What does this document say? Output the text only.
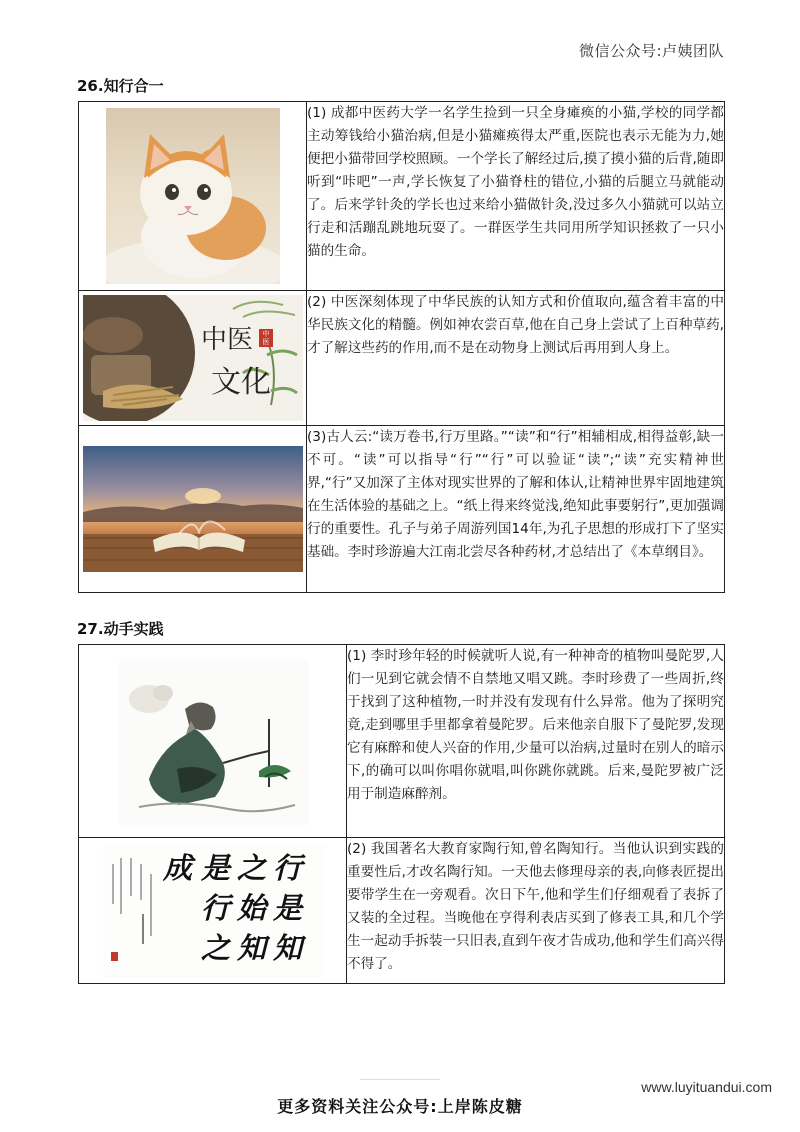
微信公众号:卢姨团队
26.知行合一
	(1) 成都中医药大学一名学生捡到一只全身瘫痪的小猫,学校的同学都主动筹钱给小猫治病,但是小猫瘫痪得太严重,医院也表示无能为力,她便把小猫带回学校照顾。一个学长了解经过后,摸了摸小猫的后背,随即听到“咔吧”一声,学长恢复了小猫脊柱的错位,小猫的后腿立马就能动了。后来学针灸的学长也过来给小猫做针灸,没过多久小猫就可以站立行走和活蹦乱跳地玩耍了。一群医学生共同用所学知识拯救了一只小猫的生命。

中医
文化
中医	(2) 中医深刻体现了中华民族的认知方式和价值取向,蕴含着丰富的中华民族文化的精髓。例如神农尝百草,他在自己身上尝试了上百种草药,才了解这些药的作用,而不是在动物身上测试后再用到人身上。

	(3)古人云:“读万卷书,行万里路。”“读”和“行”相辅相成,相得益彰,缺一不可。“读”可以指导“行”“行”可以验证“读”;“读”充实精神世界,“行”又加深了主体对现实世界的了解和体认,让精神世界牢固地建筑在生活体验的基础之上。“纸上得来终觉浅,绝知此事要躬行”,更加强调行的重要性。孔子与弟子周游列国14年,为孔子思想的形成打下了坚实基础。李时珍游遍大江南北尝尽各种药材,才总结出了《本草纲目》。
27.动手实践
	(1) 李时珍年轻的时候就听人说,有一种神奇的植物叫曼陀罗,人们一见到它就会情不自禁地又唱又跳。李时珍费了一些周折,终于找到了这种植物,一时并没有发现有什么异常。他为了探明究竟,走到哪里手里都拿着曼陀罗。后来他亲自服下了曼陀罗,发现它有麻醉和使人兴奋的作用,少量可以治病,过量时在别人的暗示下,的确可以叫你唱你就唱,叫你跳你就跳。后来,曼陀罗被广泛用于制造麻醉剂。

行是知
之始知
是行之
成	(2) 我国著名大教育家陶行知,曾名陶知行。当他认识到实践的重要性后,才改名陶行知。一天他去修理母亲的表,向修表匠提出要带学生在一旁观看。次日下午,他和学生们仔细观看了表拆了又装的全过程。当晚他在亨得利表店买到了修表工具,和几个学生一起动手拆装一只旧表,直到午夜才告成功,他和学生们高兴得不得了。
www.luyituandui.com
更多资料关注公众号:上岸陈皮糖
